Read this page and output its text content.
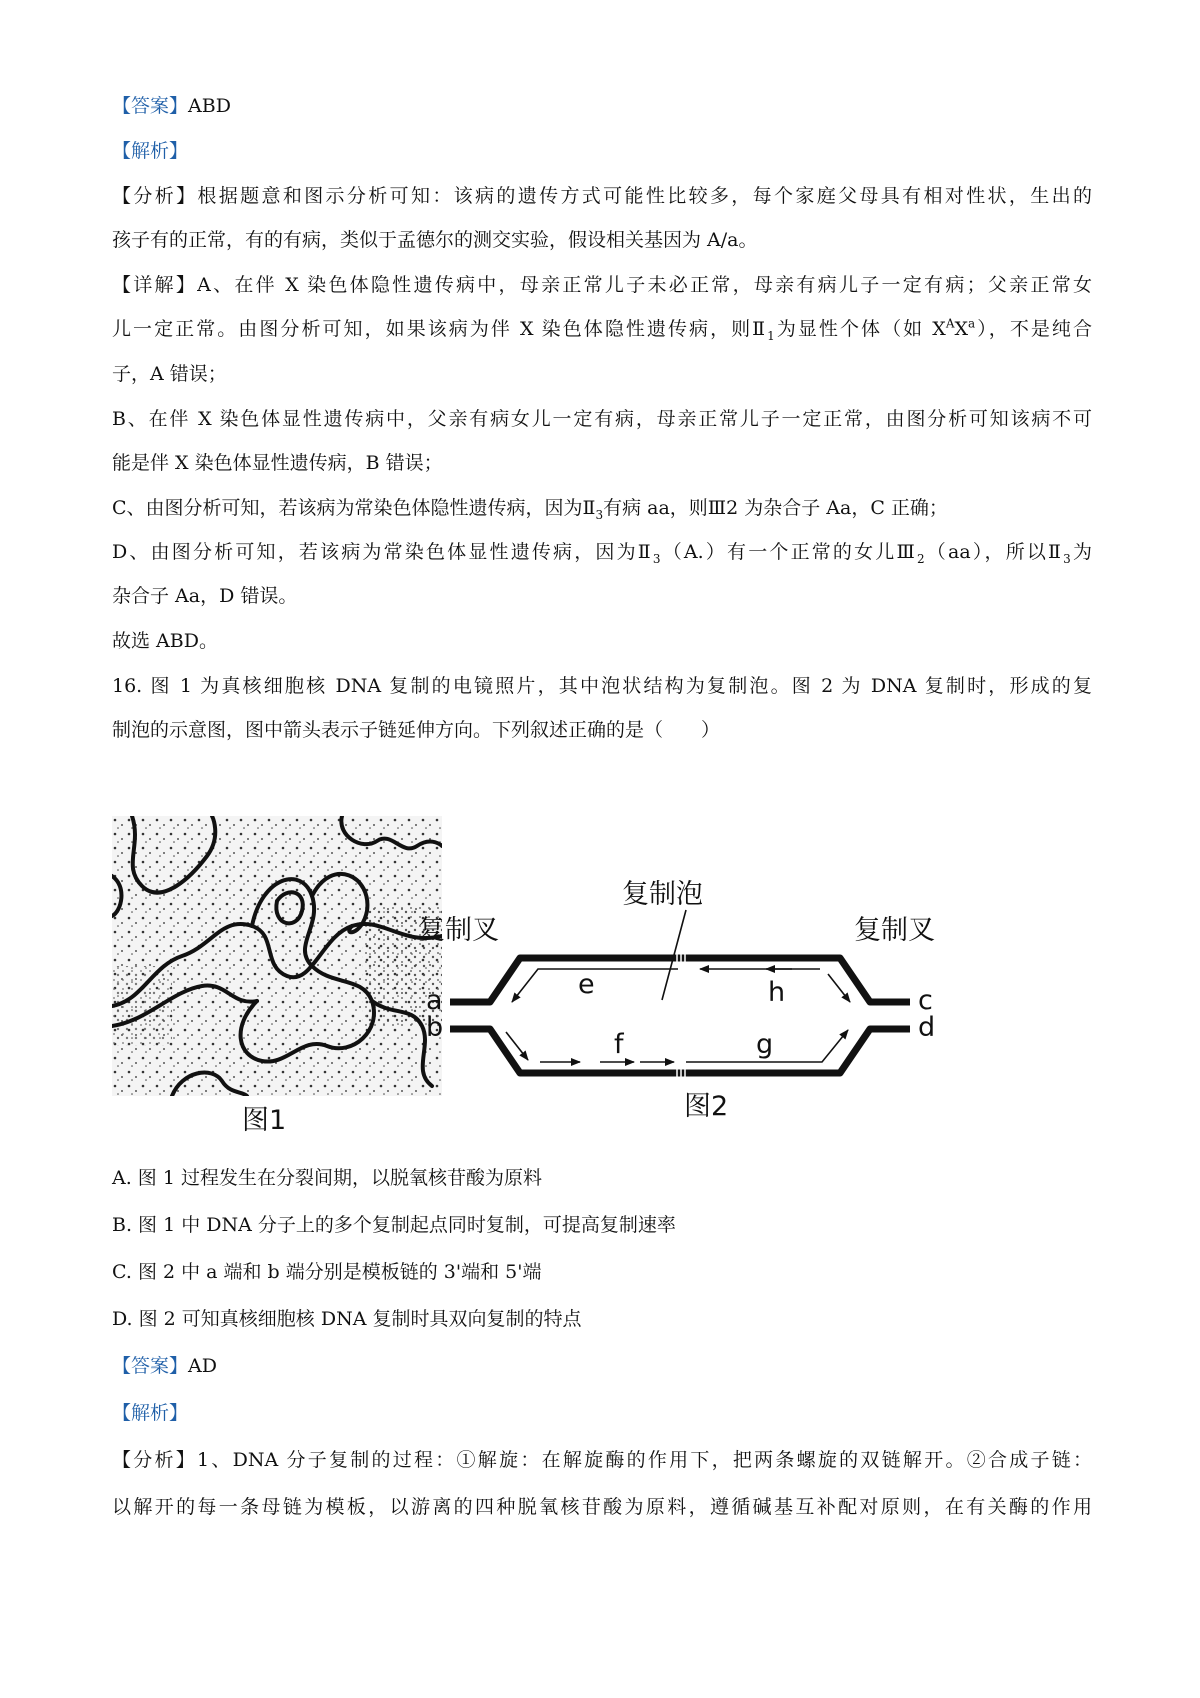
【答案】ABD
【解析】
【分析】根据题意和图示分析可知：该病的遗传方式可能性比较多，每个家庭父母具有相对性状，生出的
孩子有的正常，有的有病，类似于孟德尔的测交实验，假设相关基因为 A/a。
【详解】A、在伴 X 染色体隐性遗传病中，母亲正常儿子未必正常，母亲有病儿子一定有病；父亲正常女
儿一定正常。由图分析可知，如果该病为伴 X 染色体隐性遗传病，则$Ⅱ_1$为显性个体（如 $X^AX^a$），不是纯合
子，A 错误；
B、在伴 X 染色体显性遗传病中，父亲有病女儿一定有病，母亲正常儿子一定正常，由图分析可知该病不可
能是伴 X 染色体显性遗传病，B 错误；
C、由图分析可知，若该病为常染色体隐性遗传病，因为$Ⅱ_3$有病 aa，则Ⅲ2 为杂合子 Aa，C 正确；
D、由图分析可知，若该病为常染色体显性遗传病，因为$Ⅱ_3(A.)$有一个正常的女儿$Ⅲ_2(aa)$，所以$Ⅱ_3$为
杂合子 Aa，D 错误。
故选 ABD。
16. 图 1 为真核细胞核 DNA 复制的电镜照片，其中泡状结构为复制泡。图 2 为 DNA 复制时，形成的复
制泡的示意图，图中箭头表示子链延伸方向。下列叙述正确的是（　　）
图1
复制泡
复制叉	复制叉
a
b
c
d
e	h
f	g
图2
A. 图 1 过程发生在分裂间期，以脱氧核苷酸为原料
B. 图 1 中 DNA 分子上的多个复制起点同时复制，可提高复制速率
C. 图 2 中 a 端和 b 端分别是模板链的 3'端和 5'端
D. 图 2 可知真核细胞核 DNA 复制时具双向复制的特点
【答案】AD
【解析】
【分析】1、DNA 分子复制的过程：①解旋：在解旋酶的作用下，把两条螺旋的双链解开。②合成子链：
以解开的每一条母链为模板，以游离的四种脱氧核苷酸为原料，遵循碱基互补配对原则，在有关酶的作用
